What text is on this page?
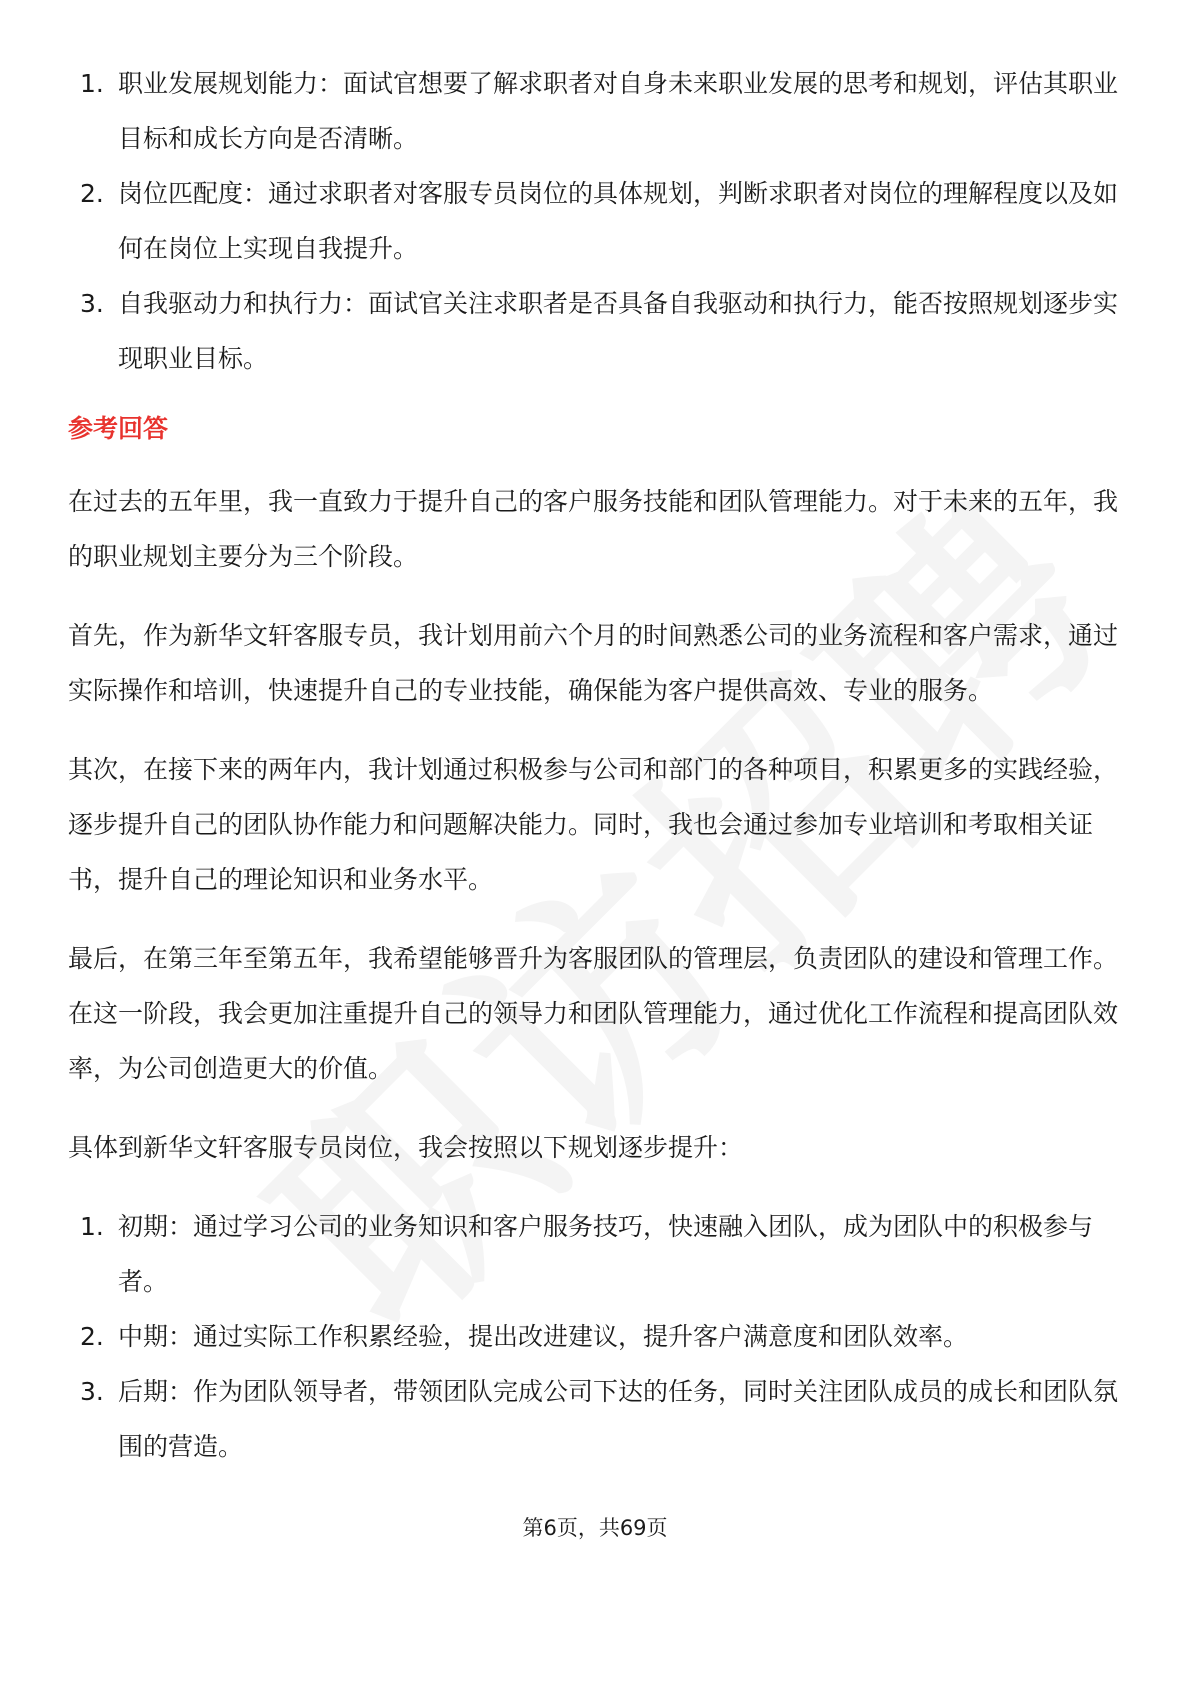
1. 职业发展规划能力：面试官想要了解求职者对自身未来职业发展的思考和规划，评估其职业目标和成长方向是否清晰。
2. 岗位匹配度：通过求职者对客服专员岗位的具体规划，判断求职者对岗位的理解程度以及如何在岗位上实现自我提升。
3. 自我驱动力和执行力：面试官关注求职者是否具备自我驱动和执行力，能否按照规划逐步实现职业目标。
参考回答

在过去的五年里，我一直致力于提升自己的客户服务技能和团队管理能力。对于未来的五年，我的职业规划主要分为三个阶段。

首先，作为新华文轩客服专员，我计划用前六个月的时间熟悉公司的业务流程和客户需求，通过实际操作和培训，快速提升自己的专业技能，确保能为客户提供高效、专业的服务。

其次，在接下来的两年内，我计划通过积极参与公司和部门的各种项目，积累更多的实践经验，逐步提升自己的团队协作能力和问题解决能力。同时，我也会通过参加专业培训和考取相关证书，提升自己的理论知识和业务水平。

最后，在第三年至第五年，我希望能够晋升为客服团队的管理层，负责团队的建设和管理工作。在这一阶段，我会更加注重提升自己的领导力和团队管理能力，通过优化工作流程和提高团队效率，为公司创造更大的价值。

具体到新华文轩客服专员岗位，我会按照以下规划逐步提升：

1. 初期：通过学习公司的业务知识和客户服务技巧，快速融入团队，成为团队中的积极参与者。
2. 中期：通过实际工作积累经验，提出改进建议，提升客户满意度和团队效率。
3. 后期：作为团队领导者，带领团队完成公司下达的任务，同时关注团队成员的成长和团队氛围的营造。
第6页，共69页
